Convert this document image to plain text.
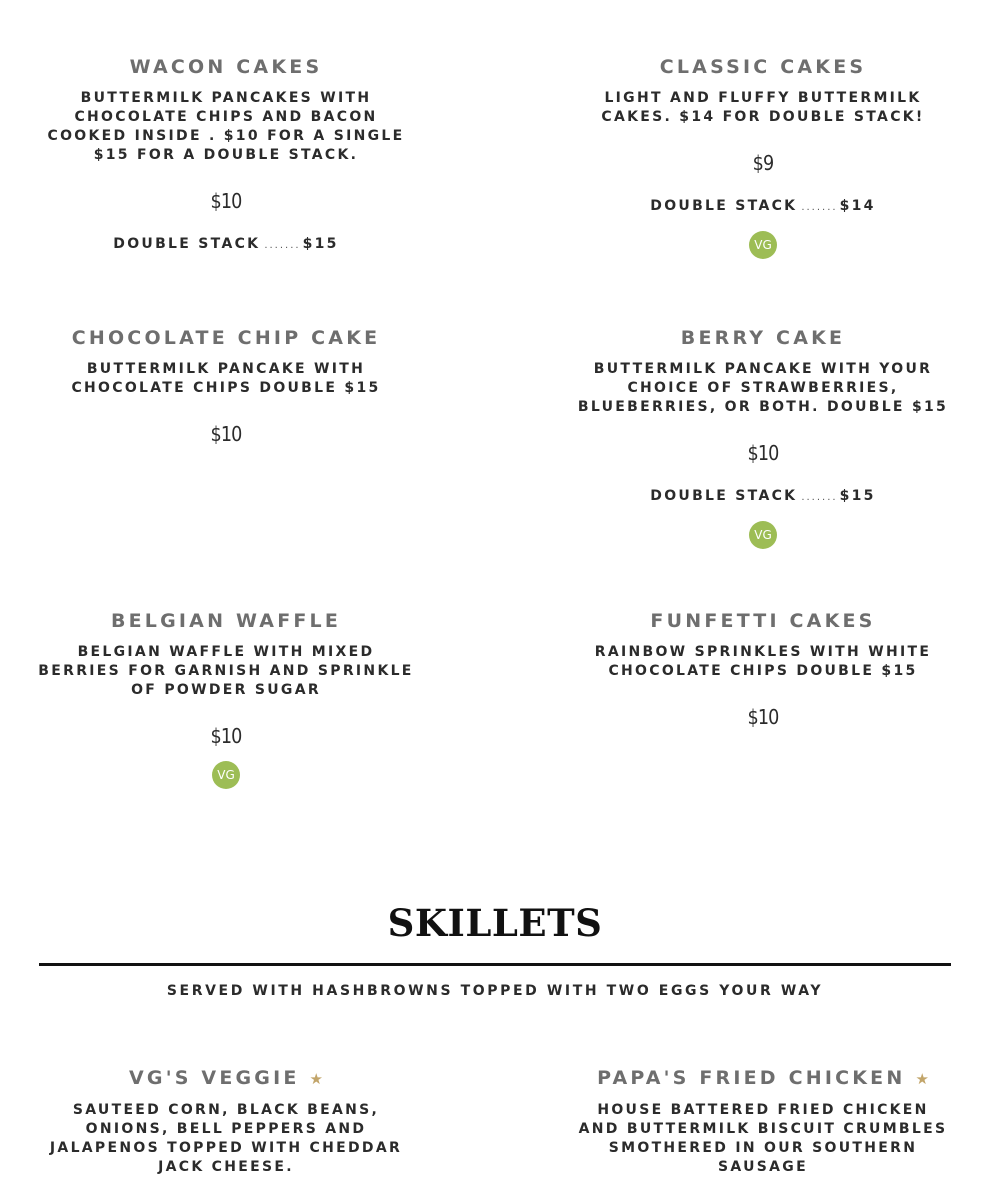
WACON CAKES

BUTTERMILK PANCAKES WITH CHOCOLATE CHIPS AND BACON COOKED INSIDE . $10 FOR A SINGLE $15 FOR A DOUBLE STACK.

$10
DOUBLE STACK ....... $15
CLASSIC CAKES

LIGHT AND FLUFFY BUTTERMILK CAKES. $14 FOR DOUBLE STACK!

$9
DOUBLE STACK ....... $14
VG
CHOCOLATE CHIP CAKE

BUTTERMILK PANCAKE WITH CHOCOLATE CHIPS DOUBLE $15

$10
BERRY CAKE

BUTTERMILK PANCAKE WITH YOUR CHOICE OF STRAWBERRIES, BLUEBERRIES, OR BOTH. DOUBLE $15

$10
DOUBLE STACK ....... $15
VG
BELGIAN WAFFLE

BELGIAN WAFFLE WITH MIXED BERRIES FOR GARNISH AND SPRINKLE OF POWDER SUGAR

$10
VG
FUNFETTI CAKES

RAINBOW SPRINKLES WITH WHITE CHOCOLATE CHIPS DOUBLE $15

$10
SKILLETS

SERVED WITH HASHBROWNS TOPPED WITH TWO EGGS YOUR WAY

VG'S VEGGIE ★

SAUTEED CORN, BLACK BEANS, ONIONS, BELL PEPPERS AND JALAPENOS TOPPED WITH CHEDDAR JACK CHEESE.

PAPA'S FRIED CHICKEN ★

HOUSE BATTERED FRIED CHICKEN AND BUTTERMILK BISCUIT CRUMBLES SMOTHERED IN OUR SOUTHERN SAUSAGE
